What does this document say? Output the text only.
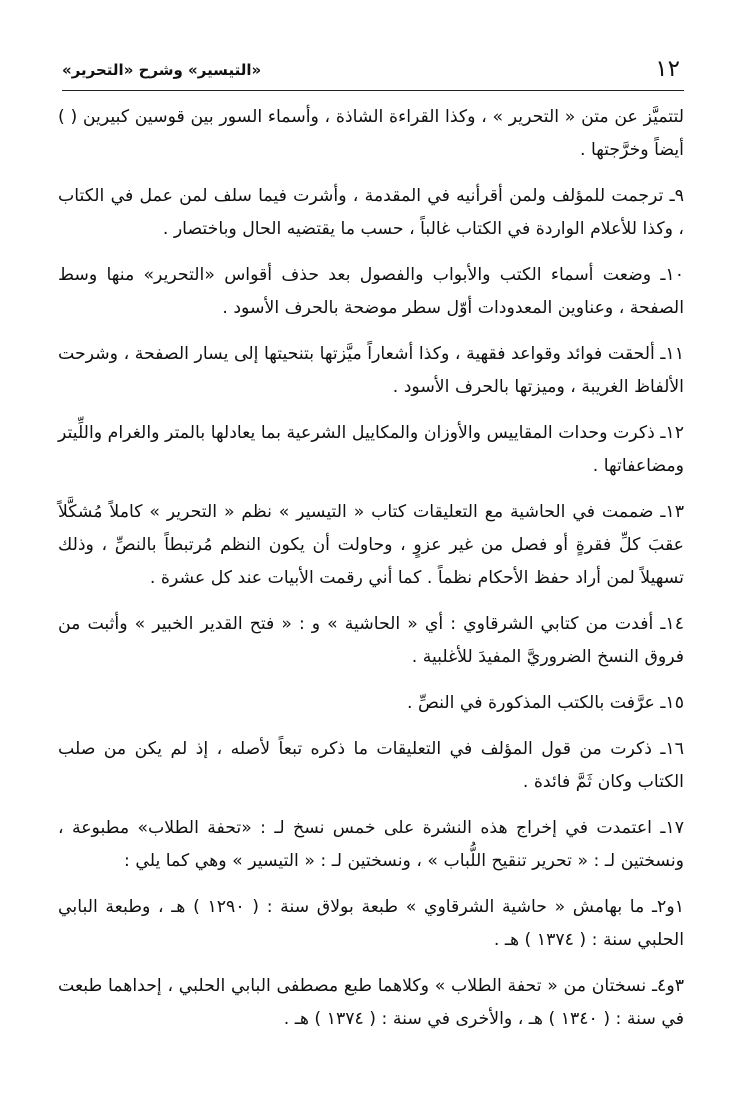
١٢
«التيسير» وشرح «التحرير»

لتتميَّز عن متن « التحرير » ، وكذا القراءة الشاذة ، وأسماء السور بين قوسين كبيرين ( ) أيضاً وخرَّجتها .

٩ـ ترجمت للمؤلف ولمن أقرأنيه في المقدمة ، وأشرت فيما سلف لمن عمل في الكتاب ، وكذا للأعلام الواردة في الكتاب غالباً ، حسب ما يقتضيه الحال وباختصار .

١٠ـ وضعت أسماء الكتب والأبواب والفصول بعد حذف أقواس «التحرير» منها وسط الصفحة ، وعناوين المعدودات أوّل سطر موضحة بالحرف الأسود .

١١ـ ألحقت فوائد وقواعد فقهية ، وكذا أشعاراً ميَّزتها بتنحيتها إلى يسار الصفحة ، وشرحت الألفاظ الغريبة ، وميزتها بالحرف الأسود .

١٢ـ ذكرت وحدات المقاييس والأوزان والمكاييل الشرعية بما يعادلها بالمتر والغرام واللِّيتر ومضاعفاتها .

١٣ـ ضممت في الحاشية مع التعليقات كتاب « التيسير » نظم « التحرير » كاملاً مُشكَّلاً عقبَ كلِّ فقرةٍ أو فصل من غير عزوٍ ، وحاولت أن يكون النظم مُرتبطاً بالنصِّ ، وذلك تسهيلاً لمن أراد حفظ الأحكام نظماً . كما أني رقمت الأبيات عند كل عشرة .

١٤ـ أفدت من كتابي الشرقاوي : أي « الحاشية » و : « فتح القدير الخبير » وأثبت من فروق النسخ الضروريَّ المفيدَ للأغلبية .

١٥ـ عرَّفت بالكتب المذكورة في النصِّ .

١٦ـ ذكرت من قول المؤلف في التعليقات ما ذكره تبعاً لأصله ، إذ لم يكن من صلب الكتاب وكان ثَمَّ فائدة .

١٧ـ اعتمدت في إخراج هذه النشرة على خمس نسخ لـ : «تحفة الطلاب» مطبوعة ، ونسختين لـ : « تحرير تنقيح اللُّباب » ، ونسختين لـ : « التيسير » وهي كما يلي :

١و٢ـ ما بهامش « حاشية الشرقاوي » طبعة بولاق سنة : ( ١٢٩٠ ) هـ ، وطبعة البابي الحلبي سنة : ( ١٣٧٤ ) هـ .

٣و٤ـ نسختان من « تحفة الطلاب » وكلاهما طبع مصطفى البابي الحلبي ، إحداهما طبعت في سنة : ( ١٣٤٠ ) هـ ، والأخرى في سنة : ( ١٣٧٤ ) هـ .
